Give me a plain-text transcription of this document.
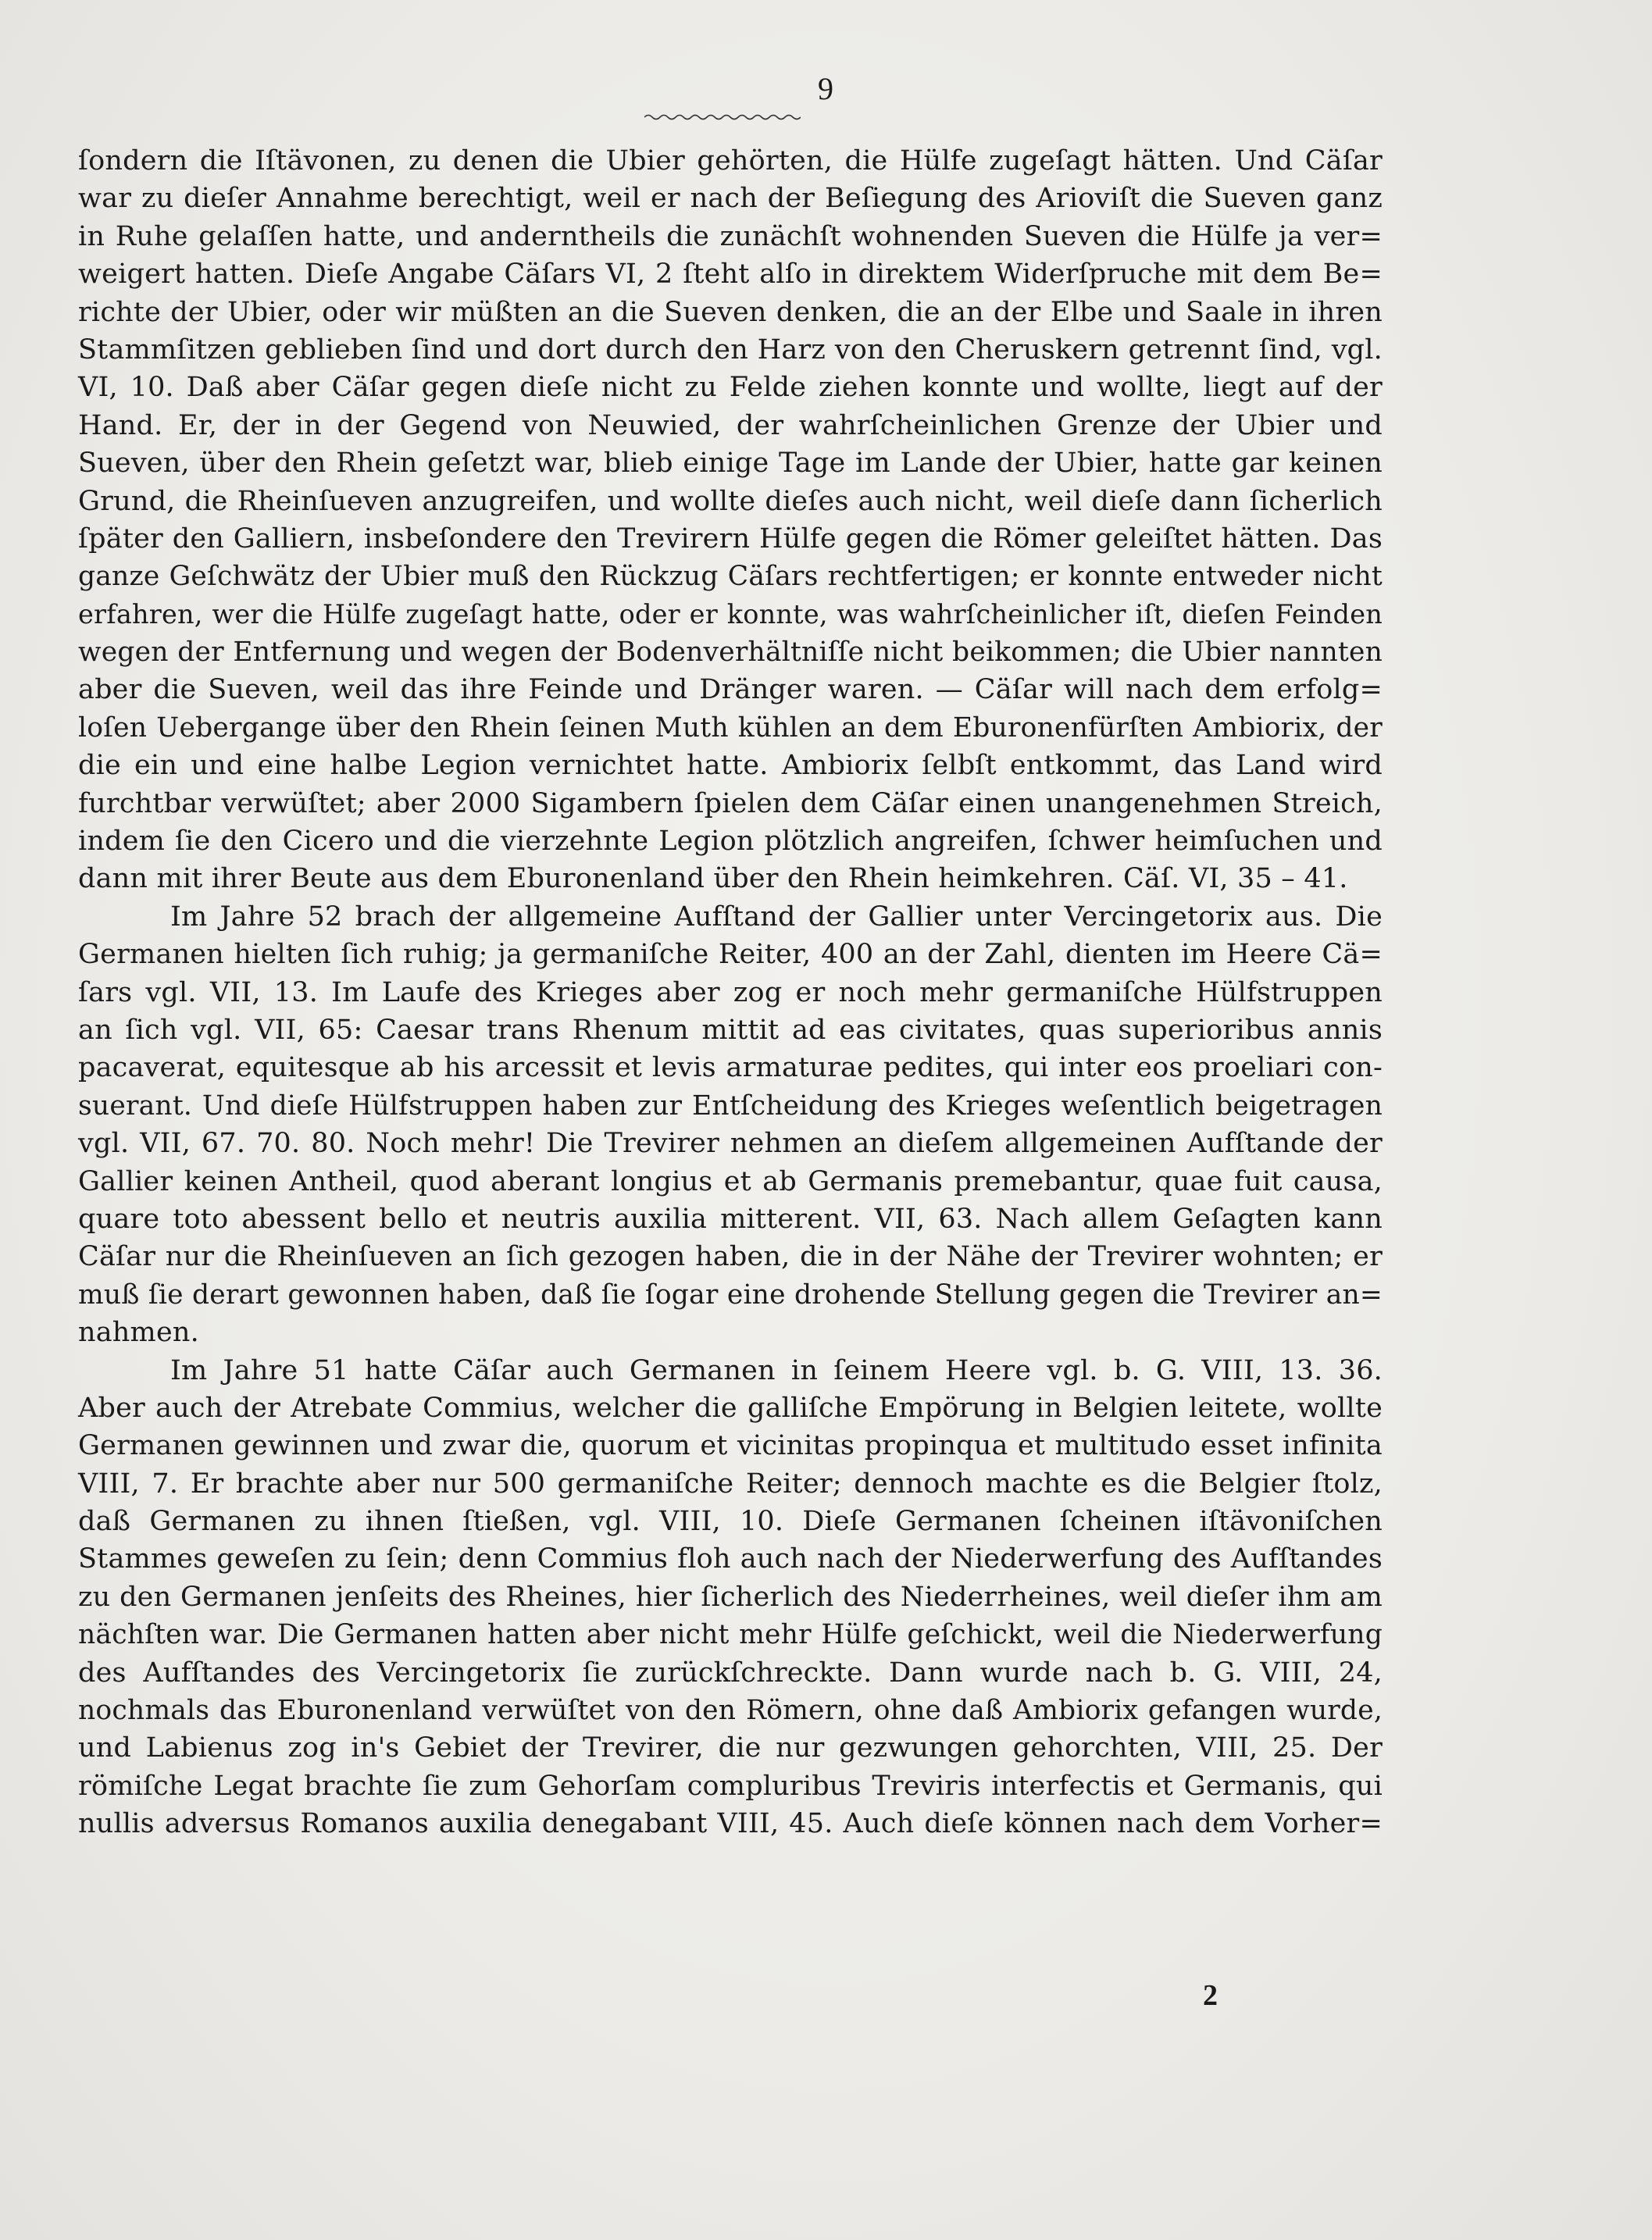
9
ſondern die Iſtävonen, zu denen die Ubier gehörten, die Hülfe zugeſagt hätten. Und Cäſar
war zu dieſer Annahme berechtigt, weil er nach der Beſiegung des Arioviſt die Sueven ganz
in Ruhe gelaſſen hatte, und anderntheils die zunächſt wohnenden Sueven die Hülfe ja ver=
weigert hatten. Dieſe Angabe Cäſars VI, 2 ſteht alſo in direktem Widerſpruche mit dem Be=
richte der Ubier, oder wir müßten an die Sueven denken, die an der Elbe und Saale in ihren
Stammſitzen geblieben ſind und dort durch den Harz von den Cheruskern getrennt ſind, vgl.
VI, 10. Daß aber Cäſar gegen dieſe nicht zu Felde ziehen konnte und wollte, liegt auf der
Hand. Er, der in der Gegend von Neuwied, der wahrſcheinlichen Grenze der Ubier und
Sueven, über den Rhein geſetzt war, blieb einige Tage im Lande der Ubier, hatte gar keinen
Grund, die Rheinſueven anzugreifen, und wollte dieſes auch nicht, weil dieſe dann ſicherlich
ſpäter den Galliern, insbeſondere den Trevirern Hülfe gegen die Römer geleiſtet hätten. Das
ganze Geſchwätz der Ubier muß den Rückzug Cäſars rechtfertigen; er konnte entweder nicht
erfahren, wer die Hülfe zugeſagt hatte, oder er konnte, was wahrſcheinlicher iſt, dieſen Feinden
wegen der Entfernung und wegen der Bodenverhältniſſe nicht beikommen; die Ubier nannten
aber die Sueven, weil das ihre Feinde und Dränger waren. — Cäſar will nach dem erfolg=
loſen Uebergange über den Rhein ſeinen Muth kühlen an dem Eburonenfürſten Ambiorix, der
die ein und eine halbe Legion vernichtet hatte. Ambiorix ſelbſt entkommt, das Land wird
furchtbar verwüſtet; aber 2000 Sigambern ſpielen dem Cäſar einen unangenehmen Streich,
indem ſie den Cicero und die vierzehnte Legion plötzlich angreifen, ſchwer heimſuchen und
dann mit ihrer Beute aus dem Eburonenland über den Rhein heimkehren. Cäſ. VI, 35 – 41.
Im Jahre 52 brach der allgemeine Aufſtand der Gallier unter Vercingetorix aus. Die
Germanen hielten ſich ruhig; ja germaniſche Reiter, 400 an der Zahl, dienten im Heere Cä=
ſars vgl. VII, 13. Im Laufe des Krieges aber zog er noch mehr germaniſche Hülfstruppen
an ſich vgl. VII, 65: Caesar trans Rhenum mittit ad eas civitates, quas superioribus annis
pacaverat, equitesque ab his arcessit et levis armaturae pedites, qui inter eos proeliari con-
suerant. Und dieſe Hülfstruppen haben zur Entſcheidung des Krieges weſentlich beigetragen
vgl. VII, 67. 70. 80. Noch mehr! Die Trevirer nehmen an dieſem allgemeinen Aufſtande der
Gallier keinen Antheil, quod aberant longius et ab Germanis premebantur, quae fuit causa,
quare toto abessent bello et neutris auxilia mitterent. VII, 63. Nach allem Geſagten kann
Cäſar nur die Rheinſueven an ſich gezogen haben, die in der Nähe der Trevirer wohnten; er
muß ſie derart gewonnen haben, daß ſie ſogar eine drohende Stellung gegen die Trevirer an=
nahmen.
Im Jahre 51 hatte Cäſar auch Germanen in ſeinem Heere vgl. b. G. VIII, 13. 36.
Aber auch der Atrebate Commius, welcher die galliſche Empörung in Belgien leitete, wollte
Germanen gewinnen und zwar die, quorum et vicinitas propinqua et multitudo esset infinita
VIII, 7. Er brachte aber nur 500 germaniſche Reiter; dennoch machte es die Belgier ſtolz,
daß Germanen zu ihnen ſtießen, vgl. VIII, 10. Dieſe Germanen ſcheinen iſtävoniſchen
Stammes geweſen zu ſein; denn Commius floh auch nach der Niederwerfung des Aufſtandes
zu den Germanen jenſeits des Rheines, hier ſicherlich des Niederrheines, weil dieſer ihm am
nächſten war. Die Germanen hatten aber nicht mehr Hülfe geſchickt, weil die Niederwerfung
des Aufſtandes des Vercingetorix ſie zurückſchreckte. Dann wurde nach b. G. VIII, 24,
nochmals das Eburonenland verwüſtet von den Römern, ohne daß Ambiorix gefangen wurde,
und Labienus zog in's Gebiet der Trevirer, die nur gezwungen gehorchten, VIII, 25. Der
römiſche Legat brachte ſie zum Gehorſam compluribus Treviris interfectis et Germanis, qui
nullis adversus Romanos auxilia denegabant VIII, 45. Auch dieſe können nach dem Vorher=
2
